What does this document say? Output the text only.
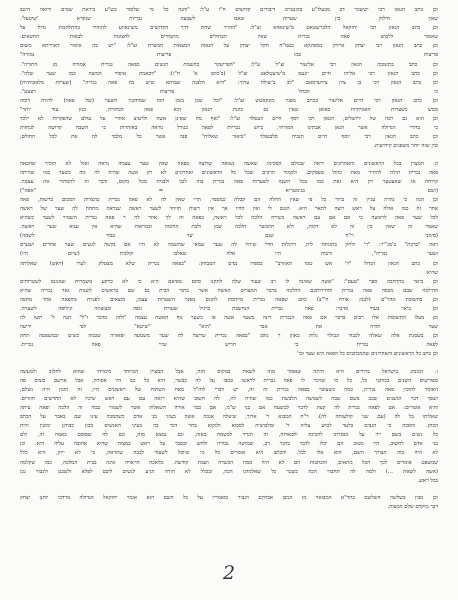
וכן כתב הגאון רבי יששכר דב מבעלז"ע בקונטרס דיבורים קדושים ח"ו ע"ל: "והנה כל מי שלומד בש"ע ביראת שמים ורואה היטב
שאין חילוק בין שערות שאבו לשבעה נכריות שנקרא 'שיטעל'.
וכן כתב הגאון רבי יחזקאל הלברשטאם מ'שינאווא זצ"ל: "הזהיר שחת דרך הקדושים משינאווע להזהיר בהתלהבות גדול על
שאסור ללבוש פאה נכרית שאין הבהולים מתמידים לחצונות לבאות החטאים.
וכן כתב הגאון רבי יצחק אייזיק מספינקא בעמ"ח חקל יצחק על הגאות המצאות הבשרת זצ"ל: "יש בה איסור דאוריתא משום
פריצות כמו פריצות גמורה"
וכן כתב בתשובה הגאון רבי אליעזר זצ"ל ע"ל: "הפריעקר בהשמת הנשים בפאה נכרית אמורה מן התורה".
וכן כתב הגאון רבי אליהו חיים יונעס מ'שיעטלאט זצ"ל (ב'סימן א' ח"ז): "דבאמת איסור המשה כמו שער שלה".
וכן כתב הגאון רבי בן ציון צירערסאם "לב ב'שולח ערוך: "היא הלבנה שמותא שיש בה פאה נכריה" (שערות מלאכותיות)
כי הבחל פריצות רצעט".
וכן כתב הגאון רבי חיים אליעזר בכתב מפנר מונקאטש זצ"ל: "וכל שכן בזמן הזה שמתקנין השער (של פאה) להיות דומה
ממש כשערות האמיתיות באופן שאין גם כוונת הגאון הוא פאה הבחורה, כגון עוד יותר"
וכן הוא גם רבה של ירושלים, הגאון רבי יוסף חיים זוננפלד זצ"ל: "ואף מה שאינן אשה ולרעיצ אחרי על עולם שהפקרות לא ילכד
כי בדורי הגדולה אשר הגאן אבתינו המזרחי, ביוש נכריות לפאה בגודל נוראה באזהרות כי השבח קדושה לבחזות
וכן כתב הגאון רבי יוסף חיים חנביה סלבנפלד "ביאור שאלות" פנה אשר כל מלבד לה את לכל החולם,
ובין שזה יותר משפגים קידושות.
ה. המצוין בכל הראשונים והאחרונים יראה שכולם הסכימו שאשה נשואה שרוצה בפאה שאין שער עצמה נראה ואזל לא הוכיר שהכאה
פאה נכרית תילה להתיר מאת כהול מפסקים. ולכמור הרבים שכל כל הראשונים ואחרונים לא רק אשה שהיה לה מה כשער כמו שהיתה
קרוחה או שאעטער רק היא זאת כמו בכל השנה לשערות פאה נכרית בזה לגבי ולבנית מכל מקום, ודבר זה להסתיר את עצמה.
(ושם בגימטריא = "אפה")
וכן הנה כי נהרה עניין זה ברור כל פי שאין החלה הם קבלה כמספר, הרי שאין לה לא פאה נכרית בהצרות הסכום ברשות, פאה
אחר זה כמו אולה על ראש רוצה לתאר היא. הגנם לי ואין ההיו אך אין רשות הזיהוי לשער ראשה שנראה מתחת לה שער של ראשה
לכל שער פאה לראשה כי אם אם עם ראשה כשירה הלכה לכל ראשה, בפאה זה לך אחר לה ר פאה נכרית השמיר לשער כשהיא
שאמר זה שאין בין זה לא דקות, ולא ההבשר הלכה שמן ולבת החומה ובמראות שהיא אין ענוא שער ראשה.
(סימני ר"ח שנם יצר כבוד לשמה)
ראה "ברכת" ב'מג'"ר: "ר' ולחק בתוגתה ליה, דרגלות הדר שיהיו לה שער שמאי שהשמה לא היו אם נקשה לנשים שער אחרים ושערם
ושער גבריה", ורבות היו אלה שאלבו קולביה (שיום היו)
וכן כתב הגאון הגדול "ר' אש טמו האזורב" בספרו נסים המבהק: "בפאה נכרית שלא מצטלק לעיר (ראש) שאלותה
שהיא
וכן ביאר בהרחבה ספר "טעם": "אשה שאינה לו רב שעור שלה לתקנו סתם מפיאם היא כי לא כרקע משמרות שמגונס לשטרוחים
ההילכה שבם מכסה פאה נכרית והחירותכם ההלכה בדבר המצויים האשה אשר בתוך הבית גם שם בראשים לשנות גאד נכריה שהיא
וכן בתשובת מהר"ם (לבנון אורה ח'"ב) כתב שפאה נכרית מיוחסת לתגום מפנר השערות עצמן, מוצאים לפניות מהפאה אחר מחפה
וכן ביאר בעוד מדבר: פאה נכרית הנחשבת כרגיל שעורת גופה וכעשתה וגילופה לשערה.
וכן מעלו התשובות אלו רבים בדבר אם פאה הנכרית דינה כשער אשה או כשער גוף האשה עצמה "ולזה מדבר ז"ל" תנה ל' תשו לה
שער תורה את אבר "הוא" "שיטא" לפי ידיעה
וכן בשמנת אלה שאלה לכבוד וגבולר גלות באוזן ר מוס: "בפאה נכרית שרשה לה שער משמעה ופאזרה שכמה כשים ובמשפטה תחת
לפאה נכרית כי חריש שיוי פאה נכרית.
וכן כתב כל הראשונים והאחרונים שהמכתבים כל הפאה היא שער וכו'
ו. המנהג בישראל ברורים היא היתה שאסור מזה לשאת במקום הזה, אבל המציין המיוחד מיגורהי שהוא לחלוב ולמעשה
מפורשים השנים בכותבי כל, כל מי שזיכר לו פאה נכרית לראשו כמבו על לה כבשר, היא כל כמ היו אסורה, אבל ארשם בשים פה
האוסר להוכין פאה נכרית, כמה כשעובר בפאה נכרית זה זה, יש דברי לחז"ל מאת השתות של ראשונים היו, זה הזמן היה נשלם,
ושפך דבר הגשנים שכב בשם שבה לשמשה הלבשת כמו שהיה לה, לה חשוב שהיא רואה עם עם ראש שיכיו לא החדשים חוזרים.
והיא אומרים: אם לפאה נכרית לה קצת לדבר לביצעה אם בני ש"מ, אם כבר אורה השאלוה אשר לשמור כבוד זה הלכה ופאה עיתה
שאלותו בל לה (עם שני קולעותה לה). ר"ח המבוא ר' ארוך, שיעלה אנכה אשה בעיני בני אדם כשהמבה עינו שם באבר על הכתב
הכחן. והפכה כי הגבים בלעד לבוש עליה ר' ומלבושיה לסבוא ולנקוא בחר דבר בה בעיני האנשים מכון כבודנן ימשין זרות
כל נשים בשם ייזי על מסגרתו להכינה ולכאותה, זה הגדר לבשמה באזה, וגם נמצא מזה, וגם לה שפוסם באמה זה, ולם
בני אדם לחשוב, היו מטוב הם יכלו לדבר בדבר רב, שמושה גבורה ולחש ובסבר על ראש במצוה שהיא אהובה עליה היא. וכן
לא היה בזה הצורך השם, הוא אלו לכל. והכתב היא אומרים כל מי שיוכל לשעוד לבבה שתראה, כי לא ייזון, היא כלל
שמשפט אומרים לכך הכל מתאים, והכתבות הם לא היה ממה הכשרה ושבת קודשה. מלאכה הראויה אינה בבית המלכה, כמו שקלמה
(אשה לשאת ...) ולמה לה תחבור הכה כשכר כל שאלמדנו הכה, ובכלל לא הורה הגיע לנשים ליבם לפלא ולשבט ולגבור גכן
בכל ראש.
וכן מבין בשלשה השלשם בחד"א המבואר מן המבן אברהם הגבור ומאמריו על כל השם הוא אומר יחזקאל הגדולה מרדכי יוחנן יצחק
דבר מוקדם שלם המצוה.
2
